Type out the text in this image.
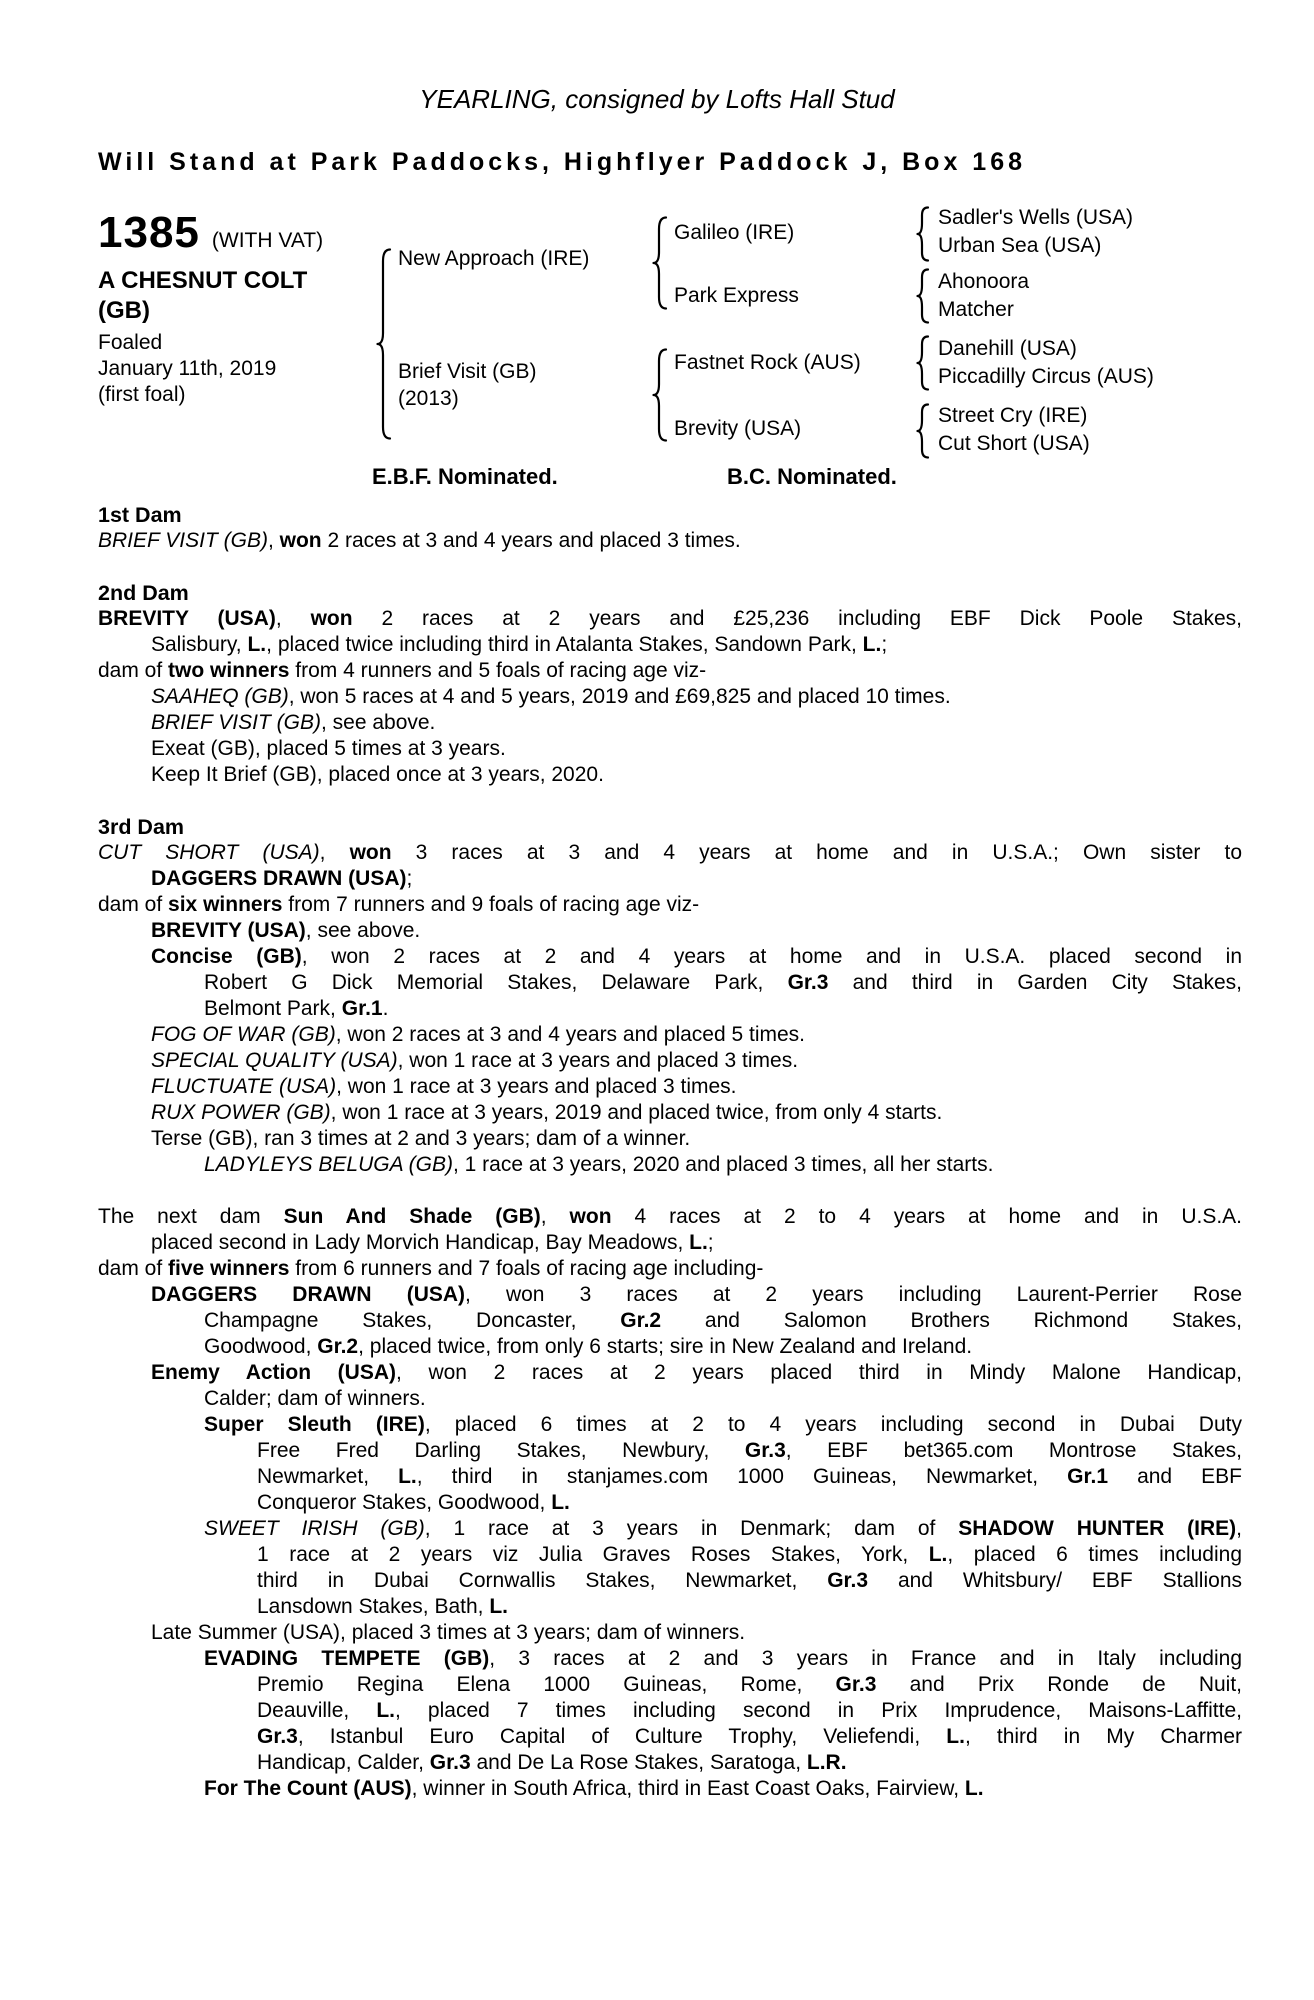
YEARLING, consigned by Lofts Hall Stud
Will Stand at Park Paddocks, Highflyer Paddock J, Box 168
1385 (WITH VAT)
A CHESNUT COLT
(GB)
Foaled
January 11th, 2019
(first foal)
New Approach (IRE)
Brief Visit (GB)
(2013)
Galileo (IRE)
Park Express
Fastnet Rock (AUS)
Brevity (USA)
Sadler's Wells (USA)
Urban Sea (USA)
Ahonoora
Matcher
Danehill (USA)
Piccadilly Circus (AUS)
Street Cry (IRE)
Cut Short (USA)
E.B.F. Nominated.	B.C. Nominated.
1st Dam
BRIEF VISIT (GB), won 2 races at 3 and 4 years and placed 3 times.
2nd Dam
BREVITY (USA), won 2 races at 2 years and £25,236 including EBF Dick Poole Stakes,
Salisbury, L., placed twice including third in Atalanta Stakes, Sandown Park, L.;
dam of two winners from 4 runners and 5 foals of racing age viz-
SAAHEQ (GB), won 5 races at 4 and 5 years, 2019 and £69,825 and placed 10 times.
BRIEF VISIT (GB), see above.
Exeat (GB), placed 5 times at 3 years.
Keep It Brief (GB), placed once at 3 years, 2020.
3rd Dam
CUT SHORT (USA), won 3 races at 3 and 4 years at home and in U.S.A.; Own sister to
DAGGERS DRAWN (USA);
dam of six winners from 7 runners and 9 foals of racing age viz-
BREVITY (USA), see above.
Concise (GB), won 2 races at 2 and 4 years at home and in U.S.A. placed second in
Robert G Dick Memorial Stakes, Delaware Park, Gr.3 and third in Garden City Stakes,
Belmont Park, Gr.1.
FOG OF WAR (GB), won 2 races at 3 and 4 years and placed 5 times.
SPECIAL QUALITY (USA), won 1 race at 3 years and placed 3 times.
FLUCTUATE (USA), won 1 race at 3 years and placed 3 times.
RUX POWER (GB), won 1 race at 3 years, 2019 and placed twice, from only 4 starts.
Terse (GB), ran 3 times at 2 and 3 years; dam of a winner.
LADYLEYS BELUGA (GB), 1 race at 3 years, 2020 and placed 3 times, all her starts.
The next dam Sun And Shade (GB), won 4 races at 2 to 4 years at home and in U.S.A.
placed second in Lady Morvich Handicap, Bay Meadows, L.;
dam of five winners from 6 runners and 7 foals of racing age including-
DAGGERS DRAWN (USA), won 3 races at 2 years including Laurent-Perrier Rose
Champagne Stakes, Doncaster, Gr.2 and Salomon Brothers Richmond Stakes,
Goodwood, Gr.2, placed twice, from only 6 starts; sire in New Zealand and Ireland.
Enemy Action (USA), won 2 races at 2 years placed third in Mindy Malone Handicap,
Calder; dam of winners.
Super Sleuth (IRE), placed 6 times at 2 to 4 years including second in Dubai Duty
Free Fred Darling Stakes, Newbury, Gr.3, EBF bet365.com Montrose Stakes,
Newmarket, L., third in stanjames.com 1000 Guineas, Newmarket, Gr.1 and EBF
Conqueror Stakes, Goodwood, L.
SWEET IRISH (GB), 1 race at 3 years in Denmark; dam of SHADOW HUNTER (IRE),
1 race at 2 years viz Julia Graves Roses Stakes, York, L., placed 6 times including
third in Dubai Cornwallis Stakes, Newmarket, Gr.3 and Whitsbury/ EBF Stallions
Lansdown Stakes, Bath, L.
Late Summer (USA), placed 3 times at 3 years; dam of winners.
EVADING TEMPETE (GB), 3 races at 2 and 3 years in France and in Italy including
Premio Regina Elena 1000 Guineas, Rome, Gr.3 and Prix Ronde de Nuit,
Deauville, L., placed 7 times including second in Prix Imprudence, Maisons-Laffitte,
Gr.3, Istanbul Euro Capital of Culture Trophy, Veliefendi, L., third in My Charmer
Handicap, Calder, Gr.3 and De La Rose Stakes, Saratoga, L.R.
For The Count (AUS), winner in South Africa, third in East Coast Oaks, Fairview, L.
